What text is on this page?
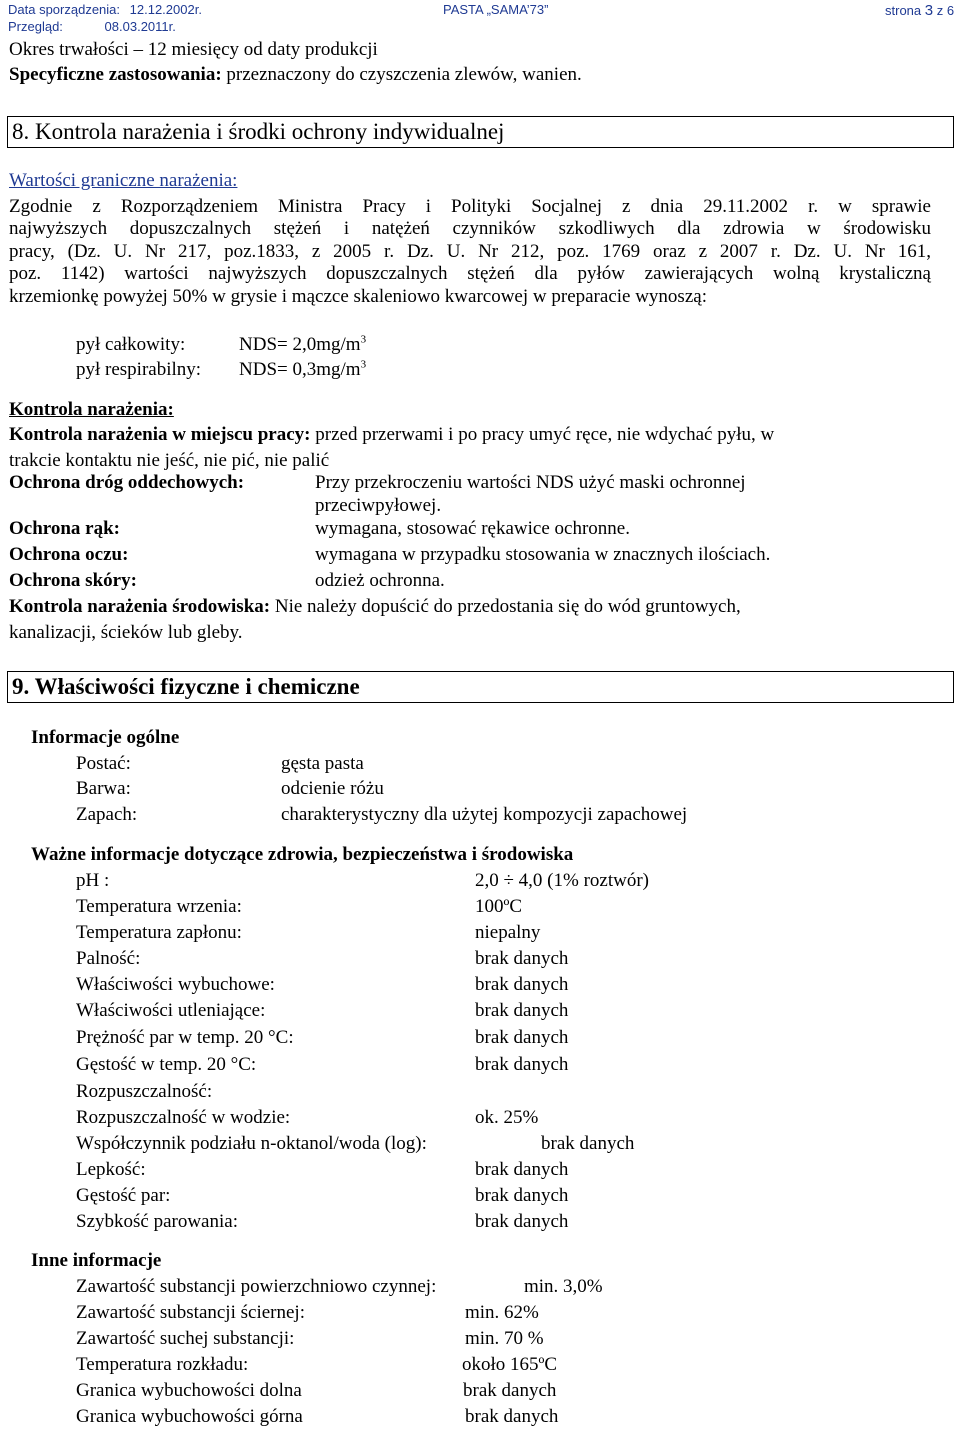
Data sporządzenia: 12.12.2002r.
Przegląd:	08.03.2011r.
PASTA „SAMA’73”	strona 3 z 6
Okres trwałości – 12 miesięcy od daty produkcji
Specyficzne zastosowania: przeznaczony do czyszczenia zlewów, wanien.
8. Kontrola narażenia i środki ochrony indywidualnej
Wartości graniczne narażenia:
Zgodnie z Rozporządzeniem Ministra Pracy i Polityki Socjalnej z dnia 29.11.2002 r. w sprawie
najwyższych dopuszczalnych stężeń i natężeń czynników szkodliwych dla zdrowia w środowisku
pracy, (Dz. U. Nr 217, poz.1833, z 2005 r. Dz. U. Nr 212, poz. 1769 oraz z 2007 r. Dz. U. Nr 161,
poz. 1142) wartości najwyższych dopuszczalnych stężeń dla pyłów zawierających wolną krystaliczną
krzemionkę powyżej 50% w grysie i mączce skaleniowo kwarcowej w preparacie wynoszą:
pył całkowity:	$NDS= 2,0mg/m^3$
pył respirabilny: $NDS= 0,3mg/m^3$
Kontrola narażenia:
Kontrola narażenia w miejscu pracy: przed przerwami i po pracy umyć ręce, nie wdychać pyłu, w
trakcie kontaktu nie jeść, nie pić, nie palić
Ochrona dróg oddechowych:	Przy przekroczeniu wartości NDS użyć maski ochronnej
przeciwpyłowej.
Ochrona rąk:	wymagana, stosować rękawice ochronne.
Ochrona oczu:	wymagana w przypadku stosowania w znacznych ilościach.
Ochrona skóry:	odzież ochronna.
Kontrola narażenia środowiska: Nie należy dopuścić do przedostania się do wód gruntowych,
kanalizacji, ścieków lub gleby.
9. Właściwości fizyczne i chemiczne
Informacje ogólne
Postać:	gęsta pasta
Barwa:	odcienie różu
Zapach:	charakterystyczny dla użytej kompozycji zapachowej
Ważne informacje dotyczące zdrowia, bezpieczeństwa i środowiska
pH :	2,0 ÷ 4,0 (1% roztwór)
Temperatura wrzenia:	100ºC
Temperatura zapłonu:	niepalny
Palność:	brak danych
Właściwości wybuchowe:	brak danych
Właściwości utleniające:	brak danych
Prężność par w temp. 20 °C:	brak danych
Gęstość w temp. 20 °C:	brak danych
Rozpuszczalność:
Rozpuszczalność w wodzie:	ok. 25%
Współczynnik podziału n-oktanol/woda (log):	brak danych
Lepkość:	brak danych
Gęstość par:	brak danych
Szybkość parowania:	brak danych
Inne informacje
Zawartość substancji powierzchniowo czynnej:	min. 3,0%
Zawartość substancji ściernej:	min. 62%
Zawartość suchej substancji:	min. 70 %
Temperatura rozkładu:	około 165ºC
Granica wybuchowości dolna	brak danych
Granica wybuchowości górna	brak danych
